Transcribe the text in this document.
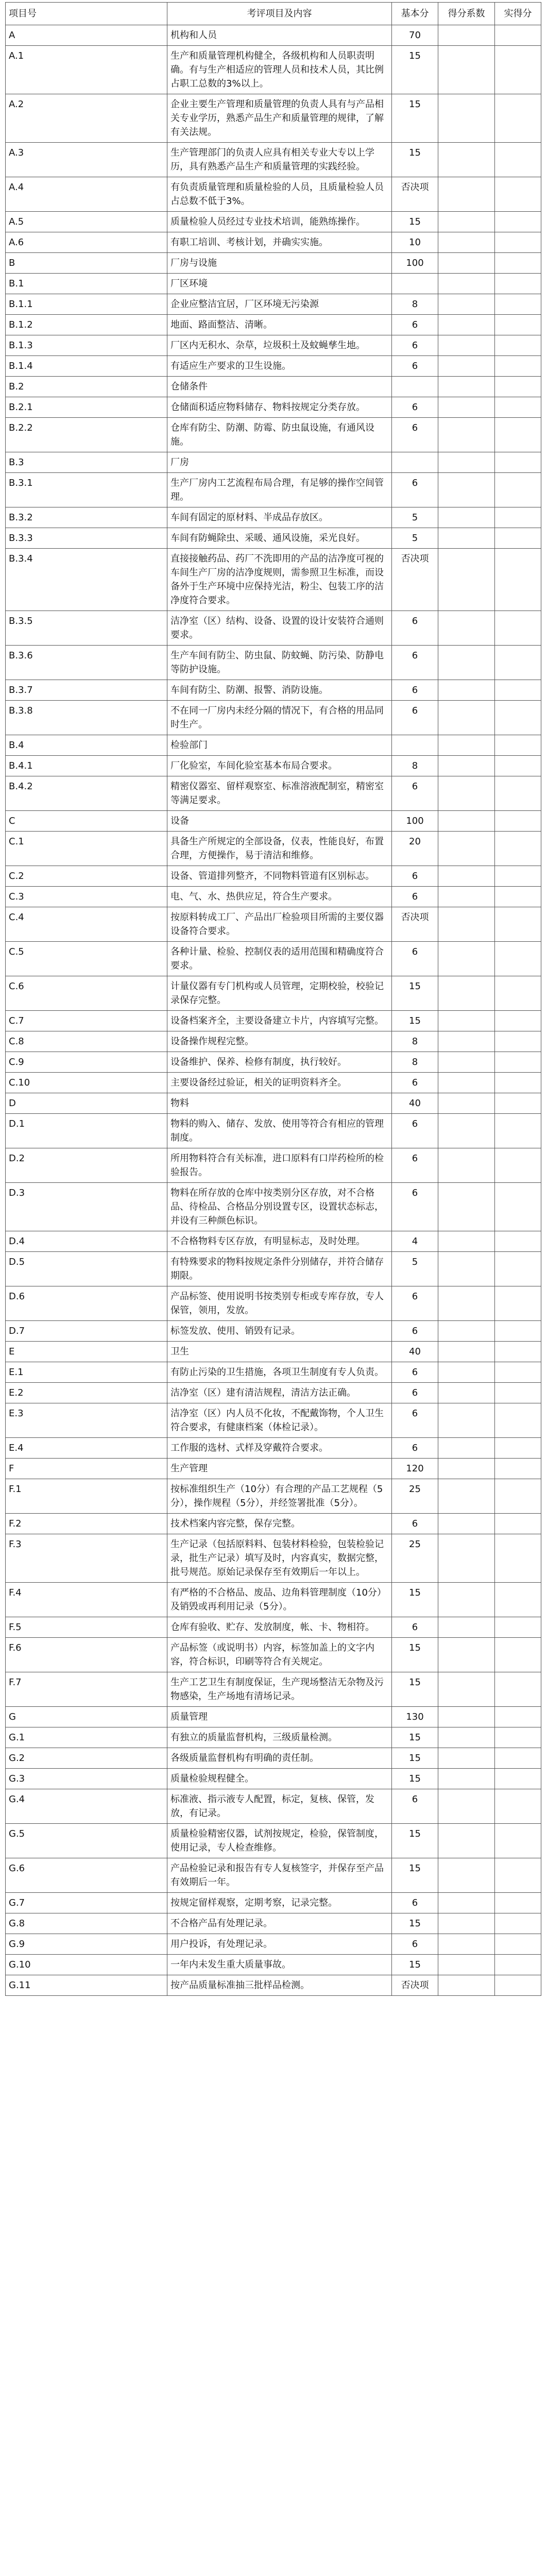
项目号	考评项目及内容	基本分	得分系数	实得分
A	机构和人员	70		
A.1	生产和质量管理机构健全，各级机构和人员职责明确。有与生产相适应的管理人员和技术人员，其比例占职工总数的3%以上。	15		
A.2	企业主要生产管理和质量管理的负责人具有与产品相关专业学历，熟悉产品生产和质量管理的规律，了解有关法规。	15		
A.3	生产管理部门的负责人应具有相关专业大专以上学历，具有熟悉产品生产和质量管理的实践经验。	15		
A.4	有负责质量管理和质量检验的人员，且质量检验人员占总数不低于3%。	否决项		
A.5	质量检验人员经过专业技术培训，能熟练操作。	15		
A.6	有职工培训、考核计划，并确实实施。	10		
B	厂房与设施	100		
B.1	厂区环境			
B.1.1	企业应整洁宜居，厂区环境无污染源	8		
B.1.2	地面、路面整洁、清晰。	6		
B.1.3	厂区内无积水、杂草，垃圾积土及蚊蝇孳生地。	6		
B.1.4	有适应生产要求的卫生设施。	6		
B.2	仓储条件			
B.2.1	仓储面积适应物料储存、物料按规定分类存放。	6		
B.2.2	仓库有防尘、防潮、防霉、防虫鼠设施，有通风设施。	6		
B.3	厂房			
B.3.1	生产厂房内工艺流程布局合理，有足够的操作空间管理。	6		
B.3.2	车间有固定的原材料、半成品存放区。	5		
B.3.3	车间有防蝇除虫、采暖、通风设施，采光良好。	5		
B.3.4	直接接触药品、药厂不洗即用的产品的洁净度可视的车间生产厂房的洁净度规则，需参照卫生标准，而设备外于生产环境中应保持光洁，粉尘、包装工序的洁净度符合要求。	否决项		
B.3.5	洁净室（区）结构、设备、设置的设计安装符合通则要求。	6		
B.3.6	生产车间有防尘、防虫鼠、防蚊蝇、防污染、防静电等防护设施。	6		
B.3.7	车间有防尘、防潮、报警、消防设施。	6		
B.3.8	不在同一厂房内未经分隔的情况下，有合格的用品同时生产。	6		
B.4	检验部门			
B.4.1	厂化验室，车间化验室基本布局合要求。	8		
B.4.2	精密仪器室、留样观察室、标准溶液配制室，精密室等满足要求。	6		
C	设备	100		
C.1	具备生产所规定的全部设备，仪表，性能良好，布置合理，方便操作，易于清洁和维修。	20		
C.2	设备、管道排列整齐，不同物料管道有区别标志。	6		
C.3	电、气、水、热供应足，符合生产要求。	6		
C.4	按原料转成工厂、产品出厂检验项目所需的主要仪器设备符合要求。	否决项		
C.5	各种计量、检验、控制仪表的适用范围和精确度符合要求。	6		
C.6	计量仪器有专门机构或人员管理，定期校验，校验记录保存完整。	15		
C.7	设备档案齐全，主要设备建立卡片，内容填写完整。	15		
C.8	设备操作规程完整。	8		
C.9	设备维护、保养、检修有制度，执行较好。	8		
C.10	主要设备经过验证，相关的证明资料齐全。	6		
D	物料	40		
D.1	物料的购入、储存、发放、使用等符合有相应的管理制度。	6		
D.2	所用物料符合有关标准，进口原料有口岸药检所的检验报告。	6		
D.3	物料在所存放的仓库中按类别分区存放，对不合格品、待检品、合格品分别设置专区，设置状态标志，并设有三种颜色标识。	6		
D.4	不合格物料专区存放，有明显标志，及时处理。	4		
D.5	有特殊要求的物料按规定条件分别储存，并符合储存期限。	5		
D.6	产品标签、使用说明书按类别专柜或专库存放，专人保管，领用，发放。	6		
D.7	标签发放、使用、销毁有记录。	6		
E	卫生	40		
E.1	有防止污染的卫生措施，各项卫生制度有专人负责。	6		
E.2	洁净室（区）建有清洁规程，清洁方法正确。	6		
E.3	洁净室（区）内人员不化妆，不配戴饰物，个人卫生符合要求，有健康档案（体检记录）。	6		
E.4	工作服的选材、式样及穿戴符合要求。	6		
F	生产管理	120		
F.1	按标准组织生产（10分）有合理的产品工艺规程（5分），操作规程（5分），并经签署批准（5分）。	25		
F.2	技术档案内容完整，保存完整。	6		
F.3	生产记录（包括原料料、包装材料检验，包装检验记录，批生产记录）填写及时，内容真实，数据完整，批号规范。原始记录保存至有效期后一年以上。	25		
F.4	有严格的不合格品、废品、边角料管理制度（10分）及销毁或再利用记录（5分）。	15		
F.5	仓库有验收、贮存、发放制度，帐、卡、物相符。	6		
F.6	产品标签（或说明书）内容，标签加盖上的文字内容，符合标识，印刷等符合有关规定。	15		
F.7	生产工艺卫生有制度保证，生产现场整洁无杂物及污物感染，生产场地有清场记录。	15		
G	质量管理	130		
G.1	有独立的质量监督机构，三级质量检测。	15		
G.2	各级质量监督机构有明确的责任制。	15		
G.3	质量检验规程健全。	15		
G.4	标准液、指示液专人配置，标定，复核、保管，发放，有记录。	6		
G.5	质量检验精密仪器，试剂按规定，检验，保管制度，使用记录，专人检查维修。	15		
G.6	产品检验记录和报告有专人复核签字，并保存至产品有效期后一年。	15		
G.7	按规定留样观察，定期考察，记录完整。	6		
G.8	不合格产品有处理记录。	15		
G.9	用户投诉，有处理记录。	6		
G.10	一年内未发生重大质量事故。	15		
G.11	按产品质量标准抽三批样品检测。	否决项		
